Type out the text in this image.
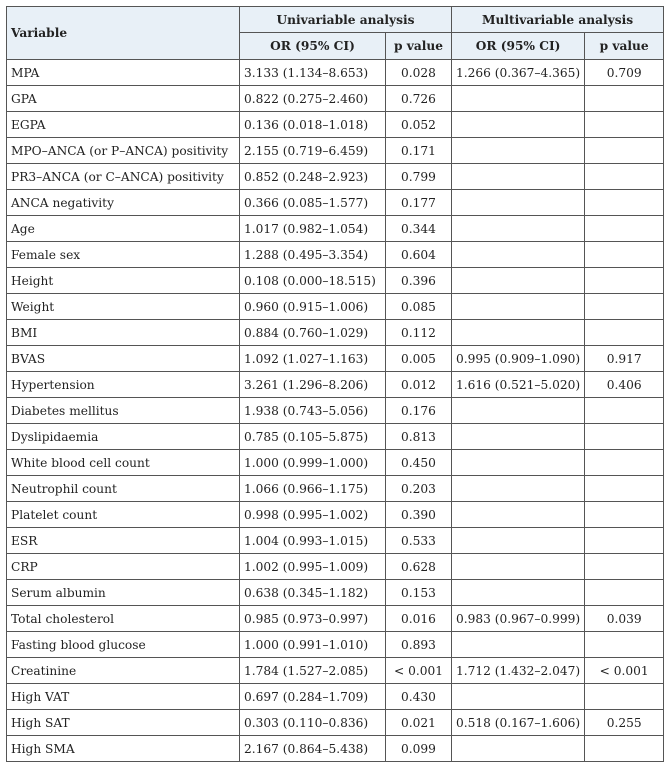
Variable	Univariable analysis		Multivariable analysis	
	OR (95% CI)	p value	OR (95% CI)	p value
MPA	3.133 (1.134–8.653)	0.028	1.266 (0.367–4.365)	0.709
GPA	0.822 (0.275–2.460)	0.726		
EGPA	0.136 (0.018–1.018)	0.052		
MPO–ANCA (or P–ANCA) positivity	2.155 (0.719–6.459)	0.171		
PR3–ANCA (or C–ANCA) positivity	0.852 (0.248–2.923)	0.799		
ANCA negativity	0.366 (0.085–1.577)	0.177		
Age	1.017 (0.982–1.054)	0.344		
Female sex	1.288 (0.495–3.354)	0.604		
Height	0.108 (0.000–18.515)	0.396		
Weight	0.960 (0.915–1.006)	0.085		
BMI	0.884 (0.760–1.029)	0.112		
BVAS	1.092 (1.027–1.163)	0.005	0.995 (0.909–1.090)	0.917
Hypertension	3.261 (1.296–8.206)	0.012	1.616 (0.521–5.020)	0.406
Diabetes mellitus	1.938 (0.743–5.056)	0.176		
Dyslipidaemia	0.785 (0.105–5.875)	0.813		
White blood cell count	1.000 (0.999–1.000)	0.450		
Neutrophil count	1.066 (0.966–1.175)	0.203		
Platelet count	0.998 (0.995–1.002)	0.390		
ESR	1.004 (0.993–1.015)	0.533		
CRP	1.002 (0.995–1.009)	0.628		
Serum albumin	0.638 (0.345–1.182)	0.153		
Total cholesterol	0.985 (0.973–0.997)	0.016	0.983 (0.967–0.999)	0.039
Fasting blood glucose	1.000 (0.991–1.010)	0.893		
Creatinine	1.784 (1.527–2.085)	< 0.001	1.712 (1.432–2.047)	< 0.001
High VAT	0.697 (0.284–1.709)	0.430		
High SAT	0.303 (0.110–0.836)	0.021	0.518 (0.167–1.606)	0.255
High SMA	2.167 (0.864–5.438)	0.099		
